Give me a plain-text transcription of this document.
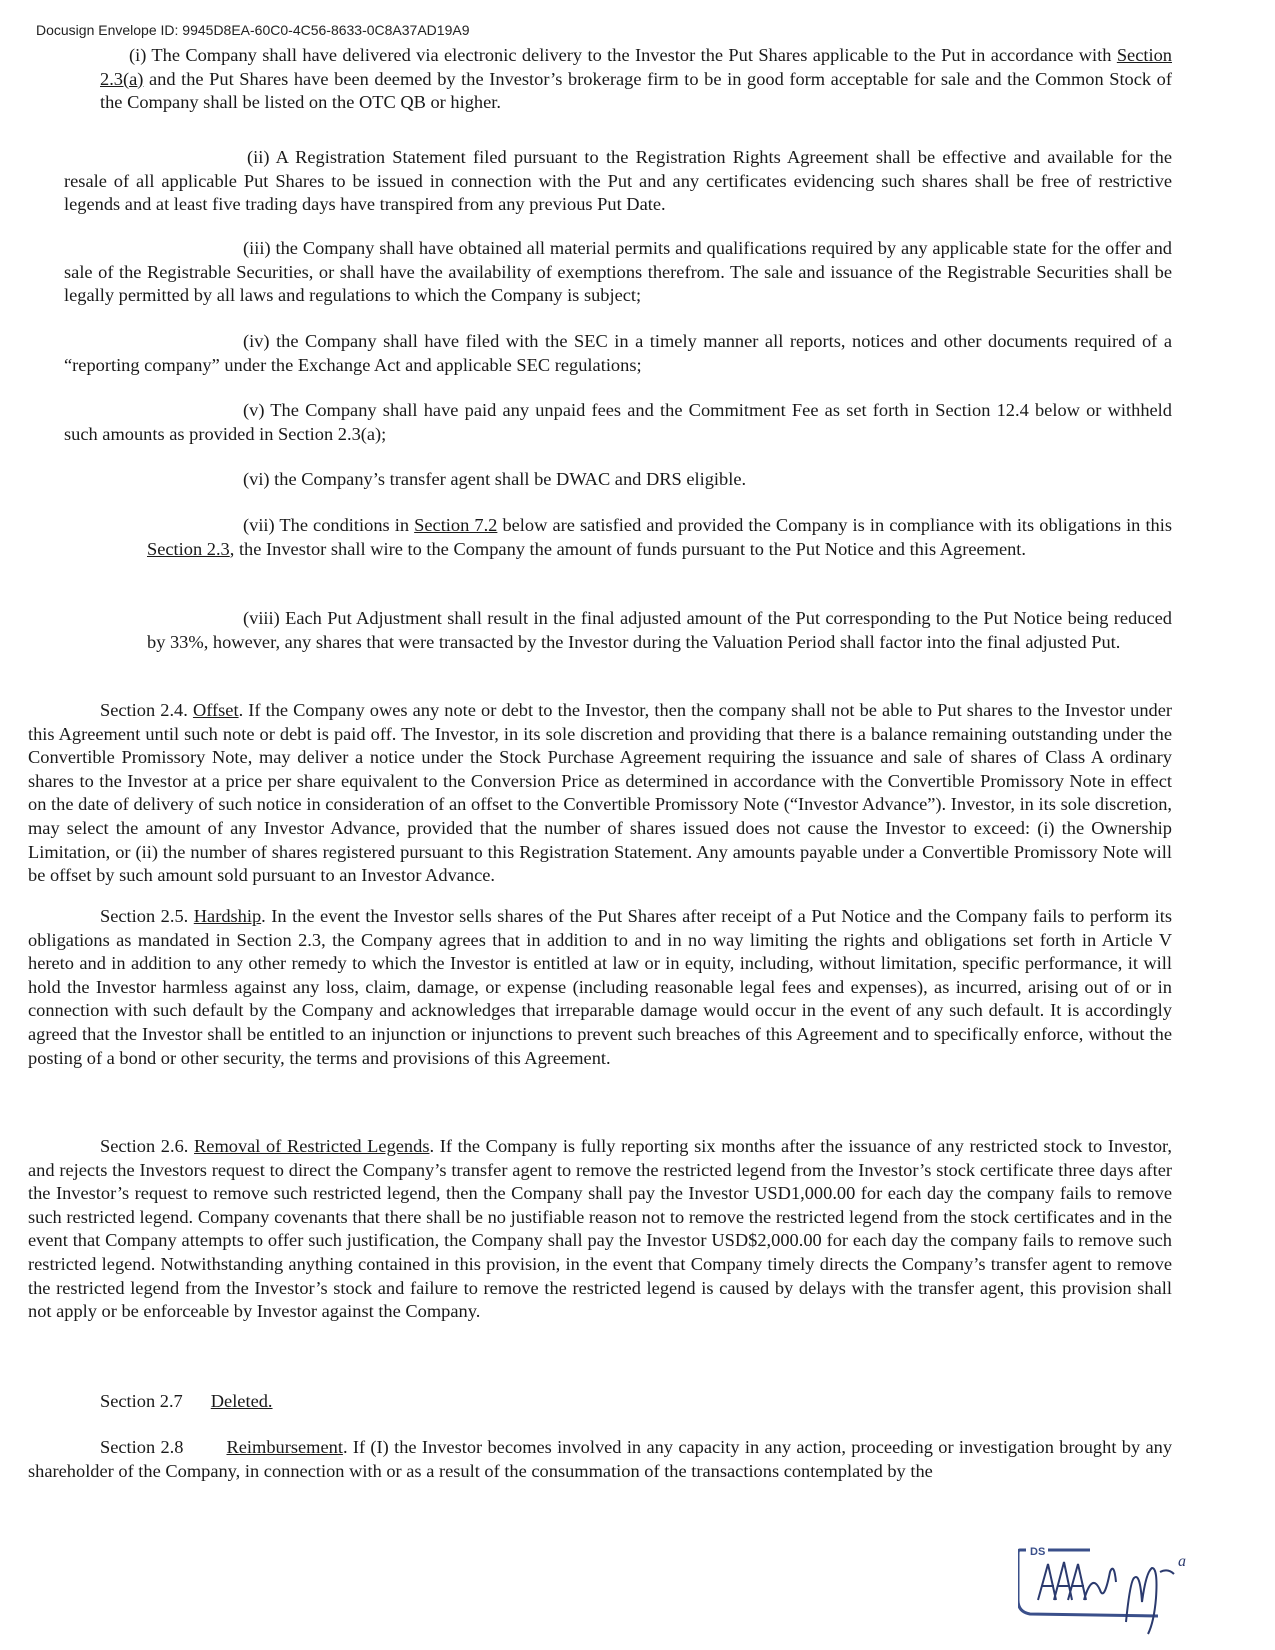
Docusign Envelope ID: 9945D8EA-60C0-4C56-8633-0C8A37AD19A9

(i) The Company shall have delivered via electronic delivery to the Investor the Put Shares applicable to the Put in accordance with Section 2.3(a) and the Put Shares have been deemed by the Investor’s brokerage firm to be in good form acceptable for sale and the Common Stock of the Company shall be listed on the OTC QB or higher.

(ii) A Registration Statement filed pursuant to the Registration Rights Agreement shall be effective and available for the resale of all applicable Put Shares to be issued in connection with the Put and any certificates evidencing such shares shall be free of restrictive legends and at least five trading days have transpired from any previous Put Date.

(iii) the Company shall have obtained all material permits and qualifications required by any applicable state for the offer and sale of the Registrable Securities, or shall have the availability of exemptions therefrom. The sale and issuance of the Registrable Securities shall be legally permitted by all laws and regulations to which the Company is subject;

(iv) the Company shall have filed with the SEC in a timely manner all reports, notices and other documents required of a “reporting company” under the Exchange Act and applicable SEC regulations;

(v) The Company shall have paid any unpaid fees and the Commitment Fee as set forth in Section 12.4 below or withheld such amounts as provided in Section 2.3(a);

(vi) the Company’s transfer agent shall be DWAC and DRS eligible.

(vii) The conditions in Section 7.2 below are satisfied and provided the Company is in compliance with its obligations in this Section 2.3, the Investor shall wire to the Company the amount of funds pursuant to the Put Notice and this Agreement.

(viii) Each Put Adjustment shall result in the final adjusted amount of the Put corresponding to the Put Notice being reduced by 33%, however, any shares that were transacted by the Investor during the Valuation Period shall factor into the final adjusted Put.

Section 2.4. Offset. If the Company owes any note or debt to the Investor, then the company shall not be able to Put shares to the Investor under this Agreement until such note or debt is paid off. The Investor, in its sole discretion and providing that there is a balance remaining outstanding under the Convertible Promissory Note, may deliver a notice under the Stock Purchase Agreement requiring the issuance and sale of shares of Class A ordinary shares to the Investor at a price per share equivalent to the Conversion Price as determined in accordance with the Convertible Promissory Note in effect on the date of delivery of such notice in consideration of an offset to the Convertible Promissory Note (“Investor Advance”). Investor, in its sole discretion, may select the amount of any Investor Advance, provided that the number of shares issued does not cause the Investor to exceed: (i) the Ownership Limitation, or (ii) the number of shares registered pursuant to this Registration Statement. Any amounts payable under a Convertible Promissory Note will be offset by such amount sold pursuant to an Investor Advance.

Section 2.5. Hardship. In the event the Investor sells shares of the Put Shares after receipt of a Put Notice and the Company fails to perform its obligations as mandated in Section 2.3, the Company agrees that in addition to and in no way limiting the rights and obligations set forth in Article V hereto and in addition to any other remedy to which the Investor is entitled at law or in equity, including, without limitation, specific performance, it will hold the Investor harmless against any loss, claim, damage, or expense (including reasonable legal fees and expenses), as incurred, arising out of or in connection with such default by the Company and acknowledges that irreparable damage would occur in the event of any such default. It is accordingly agreed that the Investor shall be entitled to an injunction or injunctions to prevent such breaches of this Agreement and to specifically enforce, without the posting of a bond or other security, the terms and provisions of this Agreement.

Section 2.6. Removal of Restricted Legends. If the Company is fully reporting six months after the issuance of any restricted stock to Investor, and rejects the Investors request to direct the Company’s transfer agent to remove the restricted legend from the Investor’s stock certificate three days after the Investor’s request to remove such restricted legend, then the Company shall pay the Investor USD1,000.00 for each day the company fails to remove such restricted legend. Company covenants that there shall be no justifiable reason not to remove the restricted legend from the stock certificates and in the event that Company attempts to offer such justification, the Company shall pay the Investor USD$2,000.00 for each day the company fails to remove such restricted legend. Notwithstanding anything contained in this provision, in the event that Company timely directs the Company’s transfer agent to remove the restricted legend from the Investor’s stock and failure to remove the restricted legend is caused by delays with the transfer agent, this provision shall not apply or be enforceable by Investor against the Company.

Section 2.7 Deleted.

Section 2.8 Reimbursement. If (I) the Investor becomes involved in any capacity in any action, proceeding or investigation brought by any shareholder of the Company, in connection with or as a result of the consummation of the transactions contemplated by the

DS
a
